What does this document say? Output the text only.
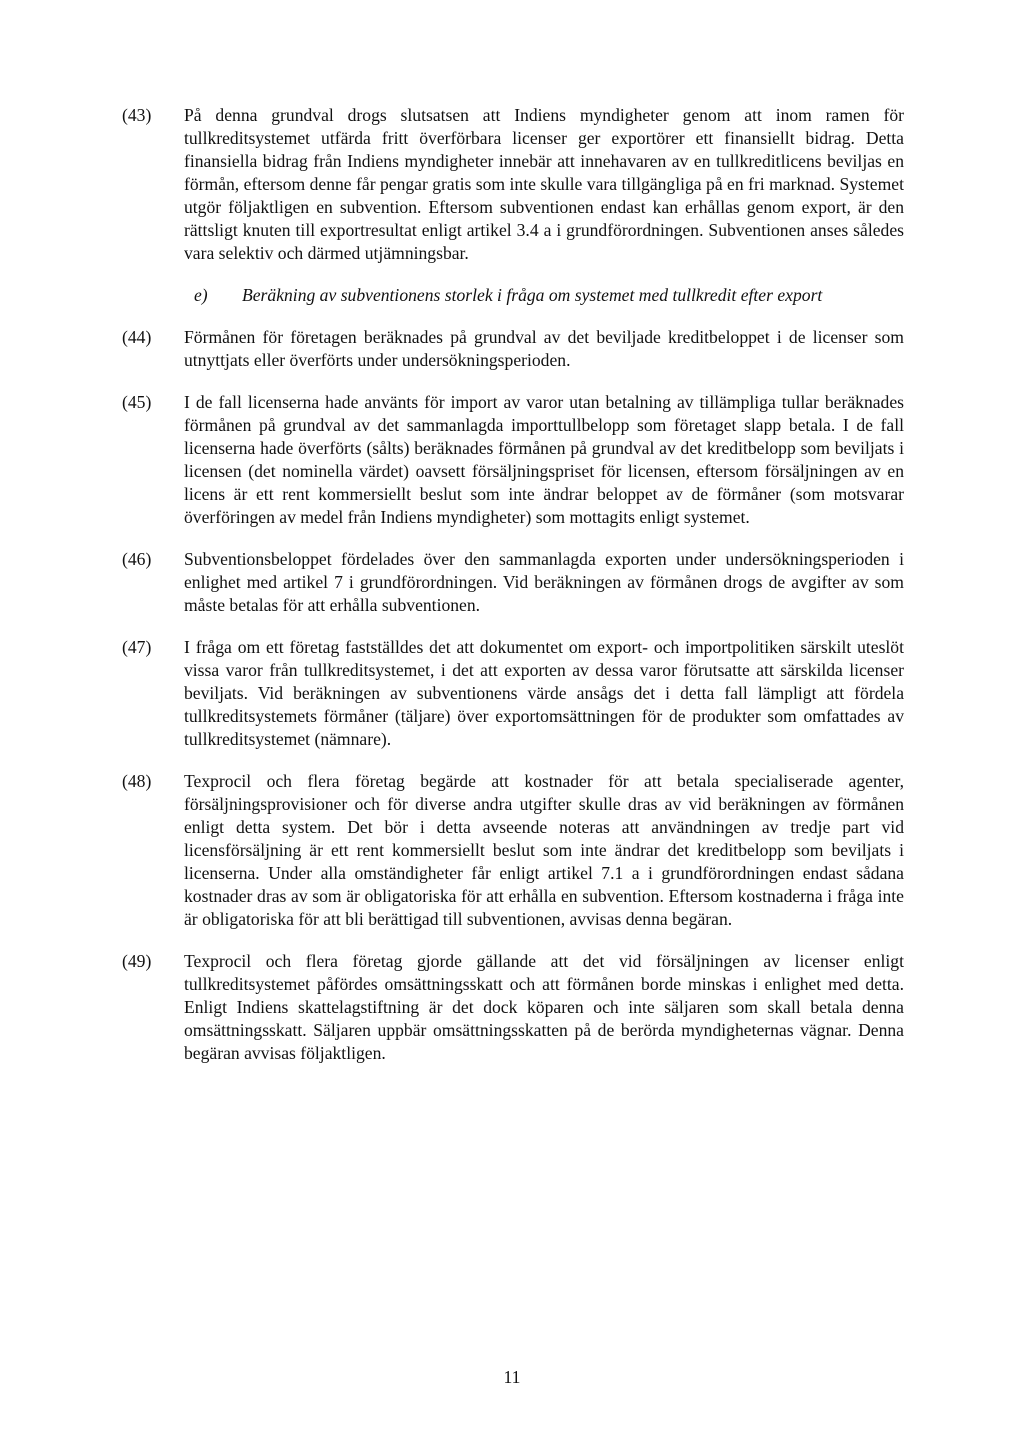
(43)	På denna grundval drogs slutsatsen att Indiens myndigheter genom att inom ramen för tullkreditsystemet utfärda fritt överförbara licenser ger exportörer ett finansiellt bidrag. Detta finansiella bidrag från Indiens myndigheter innebär att innehavaren av en tullkreditlicens beviljas en förmån, eftersom denne får pengar gratis som inte skulle vara tillgängliga på en fri marknad. Systemet utgör följaktligen en subvention. Eftersom subventionen endast kan erhållas genom export, är den rättsligt knuten till exportresultat enligt artikel 3.4 a i grundförordningen. Subventionen anses således vara selektiv och därmed utjämningsbar.

e)	Beräkning av subventionens storlek i fråga om systemet med tullkredit efter export

(44)	Förmånen för företagen beräknades på grundval av det beviljade kreditbeloppet i de licenser som utnyttjats eller överförts under undersökningsperioden.

(45)	I de fall licenserna hade använts för import av varor utan betalning av tillämpliga tullar beräknades förmånen på grundval av det sammanlagda importtullbelopp som företaget slapp betala. I de fall licenserna hade överförts (sålts) beräknades förmånen på grundval av det kreditbelopp som beviljats i licensen (det nominella värdet) oavsett försäljningspriset för licensen, eftersom försäljningen av en licens är ett rent kommersiellt beslut som inte ändrar beloppet av de förmåner (som motsvarar överföringen av medel från Indiens myndigheter) som mottagits enligt systemet.

(46)	Subventionsbeloppet fördelades över den sammanlagda exporten under undersökningsperioden i enlighet med artikel 7 i grundförordningen. Vid beräkningen av förmånen drogs de avgifter av som måste betalas för att erhålla subventionen.

(47)	I fråga om ett företag fastställdes det att dokumentet om export- och importpolitiken särskilt uteslöt vissa varor från tullkreditsystemet, i det att exporten av dessa varor förutsatte att särskilda licenser beviljats. Vid beräkningen av subventionens värde ansågs det i detta fall lämpligt att fördela tullkreditsystemets förmåner (täljare) över exportomsättningen för de produkter som omfattades av tullkreditsystemet (nämnare).

(48)	Texprocil och flera företag begärde att kostnader för att betala specialiserade agenter, försäljningsprovisioner och för diverse andra utgifter skulle dras av vid beräkningen av förmånen enligt detta system. Det bör i detta avseende noteras att användningen av tredje part vid licensförsäljning är ett rent kommersiellt beslut som inte ändrar det kreditbelopp som beviljats i licenserna. Under alla omständigheter får enligt artikel 7.1 a i grundförordningen endast sådana kostnader dras av som är obligatoriska för att erhålla en subvention. Eftersom kostnaderna i fråga inte är obligatoriska för att bli berättigad till subventionen, avvisas denna begäran.

(49)	Texprocil och flera företag gjorde gällande att det vid försäljningen av licenser enligt tullkreditsystemet påfördes omsättningsskatt och att förmånen borde minskas i enlighet med detta. Enligt Indiens skattelagstiftning är det dock köparen och inte säljaren som skall betala denna omsättningsskatt. Säljaren uppbär omsättningsskatten på de berörda myndigheternas vägnar. Denna begäran avvisas följaktligen.

11
